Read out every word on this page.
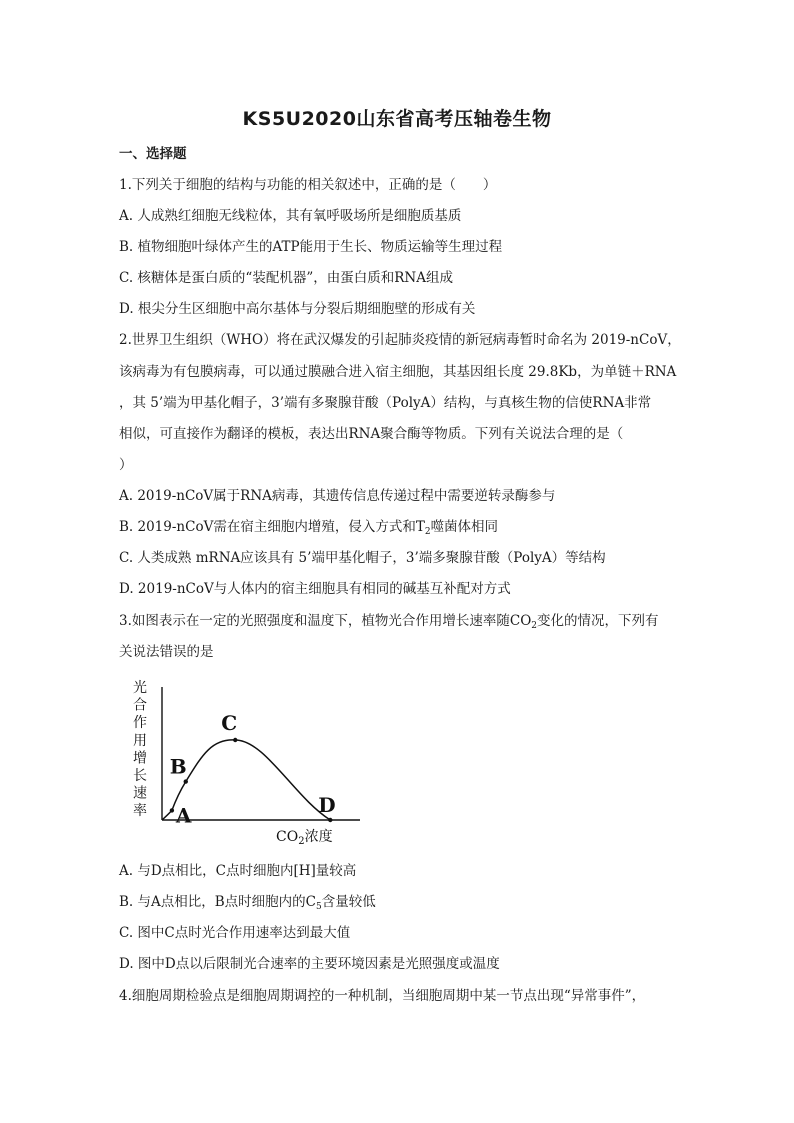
KS5U2020山东省高考压轴卷生物
一、选择题
1.下列关于细胞的结构与功能的相关叙述中，正确的是（　　）
A. 人成熟红细胞无线粒体，其有氧呼吸场所是细胞质基质
B. 植物细胞叶绿体产生的ATP能用于生长、物质运输等生理过程
C. 核糖体是蛋白质的“装配机器”，由蛋白质和RNA组成
D. 根尖分生区细胞中高尔基体与分裂后期细胞壁的形成有关
2.世界卫生组织（WHO）将在武汉爆发的引起肺炎疫情的新冠病毒暂时命名为 2019-nCoV，
该病毒为有包膜病毒，可以通过膜融合进入宿主细胞，其基因组长度 29.8Kb，为单链＋RNA
，其 5’端为甲基化帽子，3’端有多聚腺苷酸（PolyA）结构，与真核生物的信使RNA非常
相似，可直接作为翻译的模板，表达出RNA聚合酶等物质。下列有关说法合理的是（
）
A. 2019-nCoV属于RNA病毒，其遗传信息传递过程中需要逆转录酶参与
B. 2019-nCoV需在宿主细胞内增殖，侵入方式和$T_2$噬菌体相同
C. 人类成熟 mRNA应该具有 5’端甲基化帽子，3’端多聚腺苷酸（PolyA）等结构
D. 2019-nCoV与人体内的宿主细胞具有相同的碱基互补配对方式
3.如图表示在一定的光照强度和温度下，植物光合作用增长速率随$CO_2$变化的情况，下列有
关说法错误的是
光
合
作
用
增
长
速
率 A
B
C
D
$CO_2$浓度
A. 与D点相比，C点时细胞内[H]量较高
B. 与A点相比，B点时细胞内的$C_5$含量较低
C. 图中C点时光合作用速率达到最大值
D. 图中D点以后限制光合速率的主要环境因素是光照强度或温度
4.细胞周期检验点是细胞周期调控的一种机制，当细胞周期中某一节点出现“异常事件”，
